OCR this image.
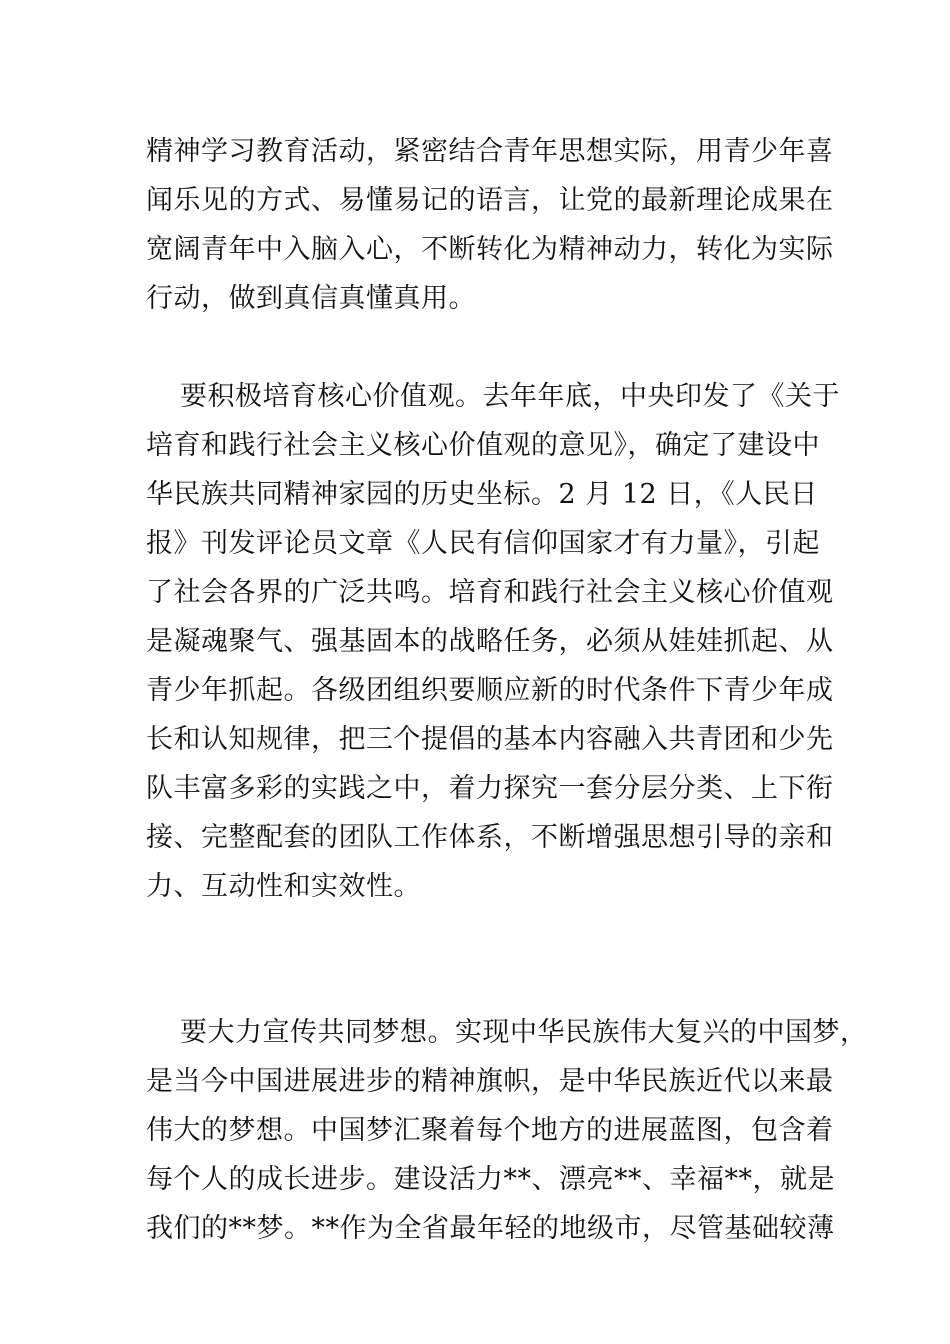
精神学习教育活动，紧密结合青年思想实际，用青少年喜
闻乐见的方式、易懂易记的语言，让党的最新理论成果在
宽阔青年中入脑入心，不断转化为精神动力，转化为实际
行动，做到真信真懂真用。
要积极培育核心价值观。去年年底，中央印发了《关于
培育和践行社会主义核心价值观的意见》，确定了建设中
华民族共同精神家园的历史坐标。2 月 12 日，《人民日
报》刊发评论员文章《人民有信仰国家才有力量》，引起
了社会各界的广泛共鸣。培育和践行社会主义核心价值观
是凝魂聚气、强基固本的战略任务，必须从娃娃抓起、从
青少年抓起。各级团组织要顺应新的时代条件下青少年成
长和认知规律，把三个提倡的基本内容融入共青团和少先
队丰富多彩的实践之中，着力探究一套分层分类、上下衔
接、完整配套的团队工作体系，不断增强思想引导的亲和
力、互动性和实效性。
要大力宣传共同梦想。实现中华民族伟大复兴的中国梦，
是当今中国进展进步的精神旗帜，是中华民族近代以来最
伟大的梦想。中国梦汇聚着每个地方的进展蓝图，包含着
每个人的成长进步。建设活力**、漂亮**、幸福**，就是
我们的**梦。**作为全省最年轻的地级市，尽管基础较薄
